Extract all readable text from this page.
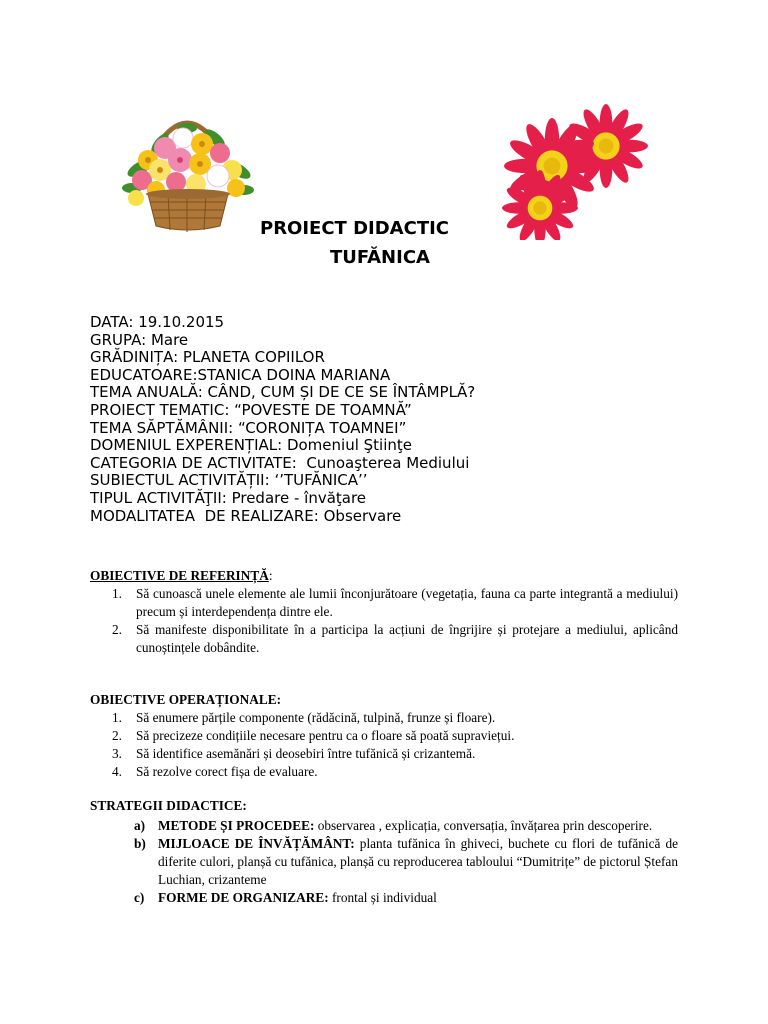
PROIECT DIDACTIC
TUFĂNICA
DATA: 19.10.2015
GRUPA: Mare
GRĂDINIȚA: PLANETA COPIILOR
EDUCATOARE:STANICA DOINA MARIANA
TEMA ANUALĂ: CÂND, CUM ȘI DE CE SE ÎNTÂMPLĂ?
PROIECT TEMATIC: “POVESTE DE TOAMNĂ”
TEMA SĂPTĂMÂNII: “CORONIȚA TOAMNEI”
DOMENIUL EXPERENȚIAL: Domeniul Ştiinţe
CATEGORIA DE ACTIVITATE:  Cunoaşterea Mediului
SUBIECTUL ACTIVITĂȚII: ‘’TUFĂNICA’’
TIPUL ACTIVITĂŢII: Predare - învăţare
MODALITATEA  DE REALIZARE: Observare
OBIECTIVE DE REFERINȚĂ:
1. Să cunoască unele elemente ale lumii înconjurătoare (vegetația, fauna ca parte integrantă a mediului) precum și interdependența dintre ele.
2. Să manifeste disponibilitate în a participa la acțiuni de îngrijire și protejare a mediului, aplicând cunoștințele dobândite.
OBIECTIVE OPERAȚIONALE:
1. Să enumere părțile componente (rădăcină, tulpină, frunze și floare).
2. Să precizeze condițiile necesare pentru ca o floare să poată supraviețui.
3. Să identifice asemănări și deosebiri între tufănică și crizantemă.
4. Să rezolve corect fișa de evaluare.
STRATEGII DIDACTICE:
a) METODE ȘI PROCEDEE: observarea , explicația, conversația, învățarea prin descoperire.
b) MIJLOACE DE ÎNVĂȚĂMÂNT: planta tufănica în ghiveci, buchete cu flori de tufănică de diferite culori, planșă cu tufănica, planșă cu reproducerea tabloului “Dumitrițe” de pictorul Ștefan Luchian, crizanteme
c) FORME DE ORGANIZARE: frontal și individual
